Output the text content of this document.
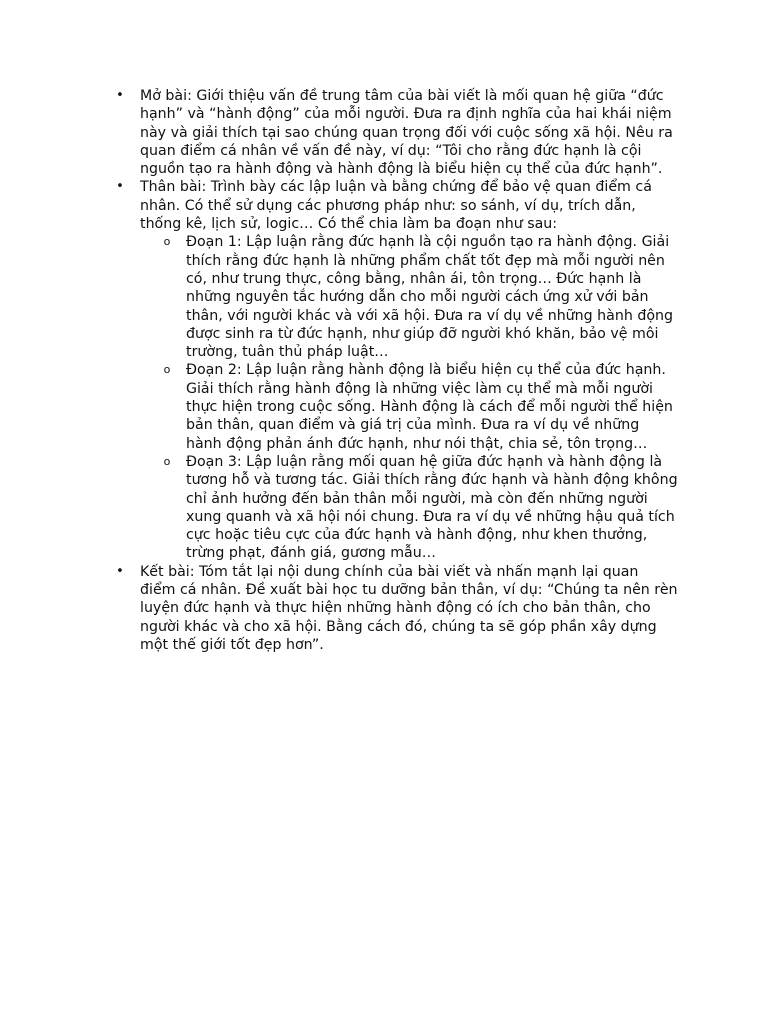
• Mở bài: Giới thiệu vấn đề trung tâm của bài viết là mối quan hệ giữa “đức hạnh” và “hành động” của mỗi người. Đưa ra định nghĩa của hai khái niệm này và giải thích tại sao chúng quan trọng đối với cuộc sống xã hội. Nêu ra quan điểm cá nhân về vấn đề này, ví dụ: “Tôi cho rằng đức hạnh là cội nguồn tạo ra hành động và hành động là biểu hiện cụ thể của đức hạnh”.
• Thân bài: Trình bày các lập luận và bằng chứng để bảo vệ quan điểm cá nhân. Có thể sử dụng các phương pháp như: so sánh, ví dụ, trích dẫn, thống kê, lịch sử, logic… Có thể chia làm ba đoạn như sau:
o Đoạn 1: Lập luận rằng đức hạnh là cội nguồn tạo ra hành động. Giải thích rằng đức hạnh là những phẩm chất tốt đẹp mà mỗi người nên có, như trung thực, công bằng, nhân ái, tôn trọng… Đức hạnh là những nguyên tắc hướng dẫn cho mỗi người cách ứng xử với bản thân, với người khác và với xã hội. Đưa ra ví dụ về những hành động được sinh ra từ đức hạnh, như giúp đỡ người khó khăn, bảo vệ môi trường, tuân thủ pháp luật…
o Đoạn 2: Lập luận rằng hành động là biểu hiện cụ thể của đức hạnh. Giải thích rằng hành động là những việc làm cụ thể mà mỗi người thực hiện trong cuộc sống. Hành động là cách để mỗi người thể hiện bản thân, quan điểm và giá trị của mình. Đưa ra ví dụ về những hành động phản ánh đức hạnh, như nói thật, chia sẻ, tôn trọng…
o Đoạn 3: Lập luận rằng mối quan hệ giữa đức hạnh và hành động là tương hỗ và tương tác. Giải thích rằng đức hạnh và hành động không chỉ ảnh hưởng đến bản thân mỗi người, mà còn đến những người xung quanh và xã hội nói chung. Đưa ra ví dụ về những hậu quả tích cực hoặc tiêu cực của đức hạnh và hành động, như khen thưởng, trừng phạt, đánh giá, gương mẫu…
• Kết bài: Tóm tắt lại nội dung chính của bài viết và nhấn mạnh lại quan điểm cá nhân. Đề xuất bài học tu dưỡng bản thân, ví dụ: “Chúng ta nên rèn luyện đức hạnh và thực hiện những hành động có ích cho bản thân, cho người khác và cho xã hội. Bằng cách đó, chúng ta sẽ góp phần xây dựng một thế giới tốt đẹp hơn”.
